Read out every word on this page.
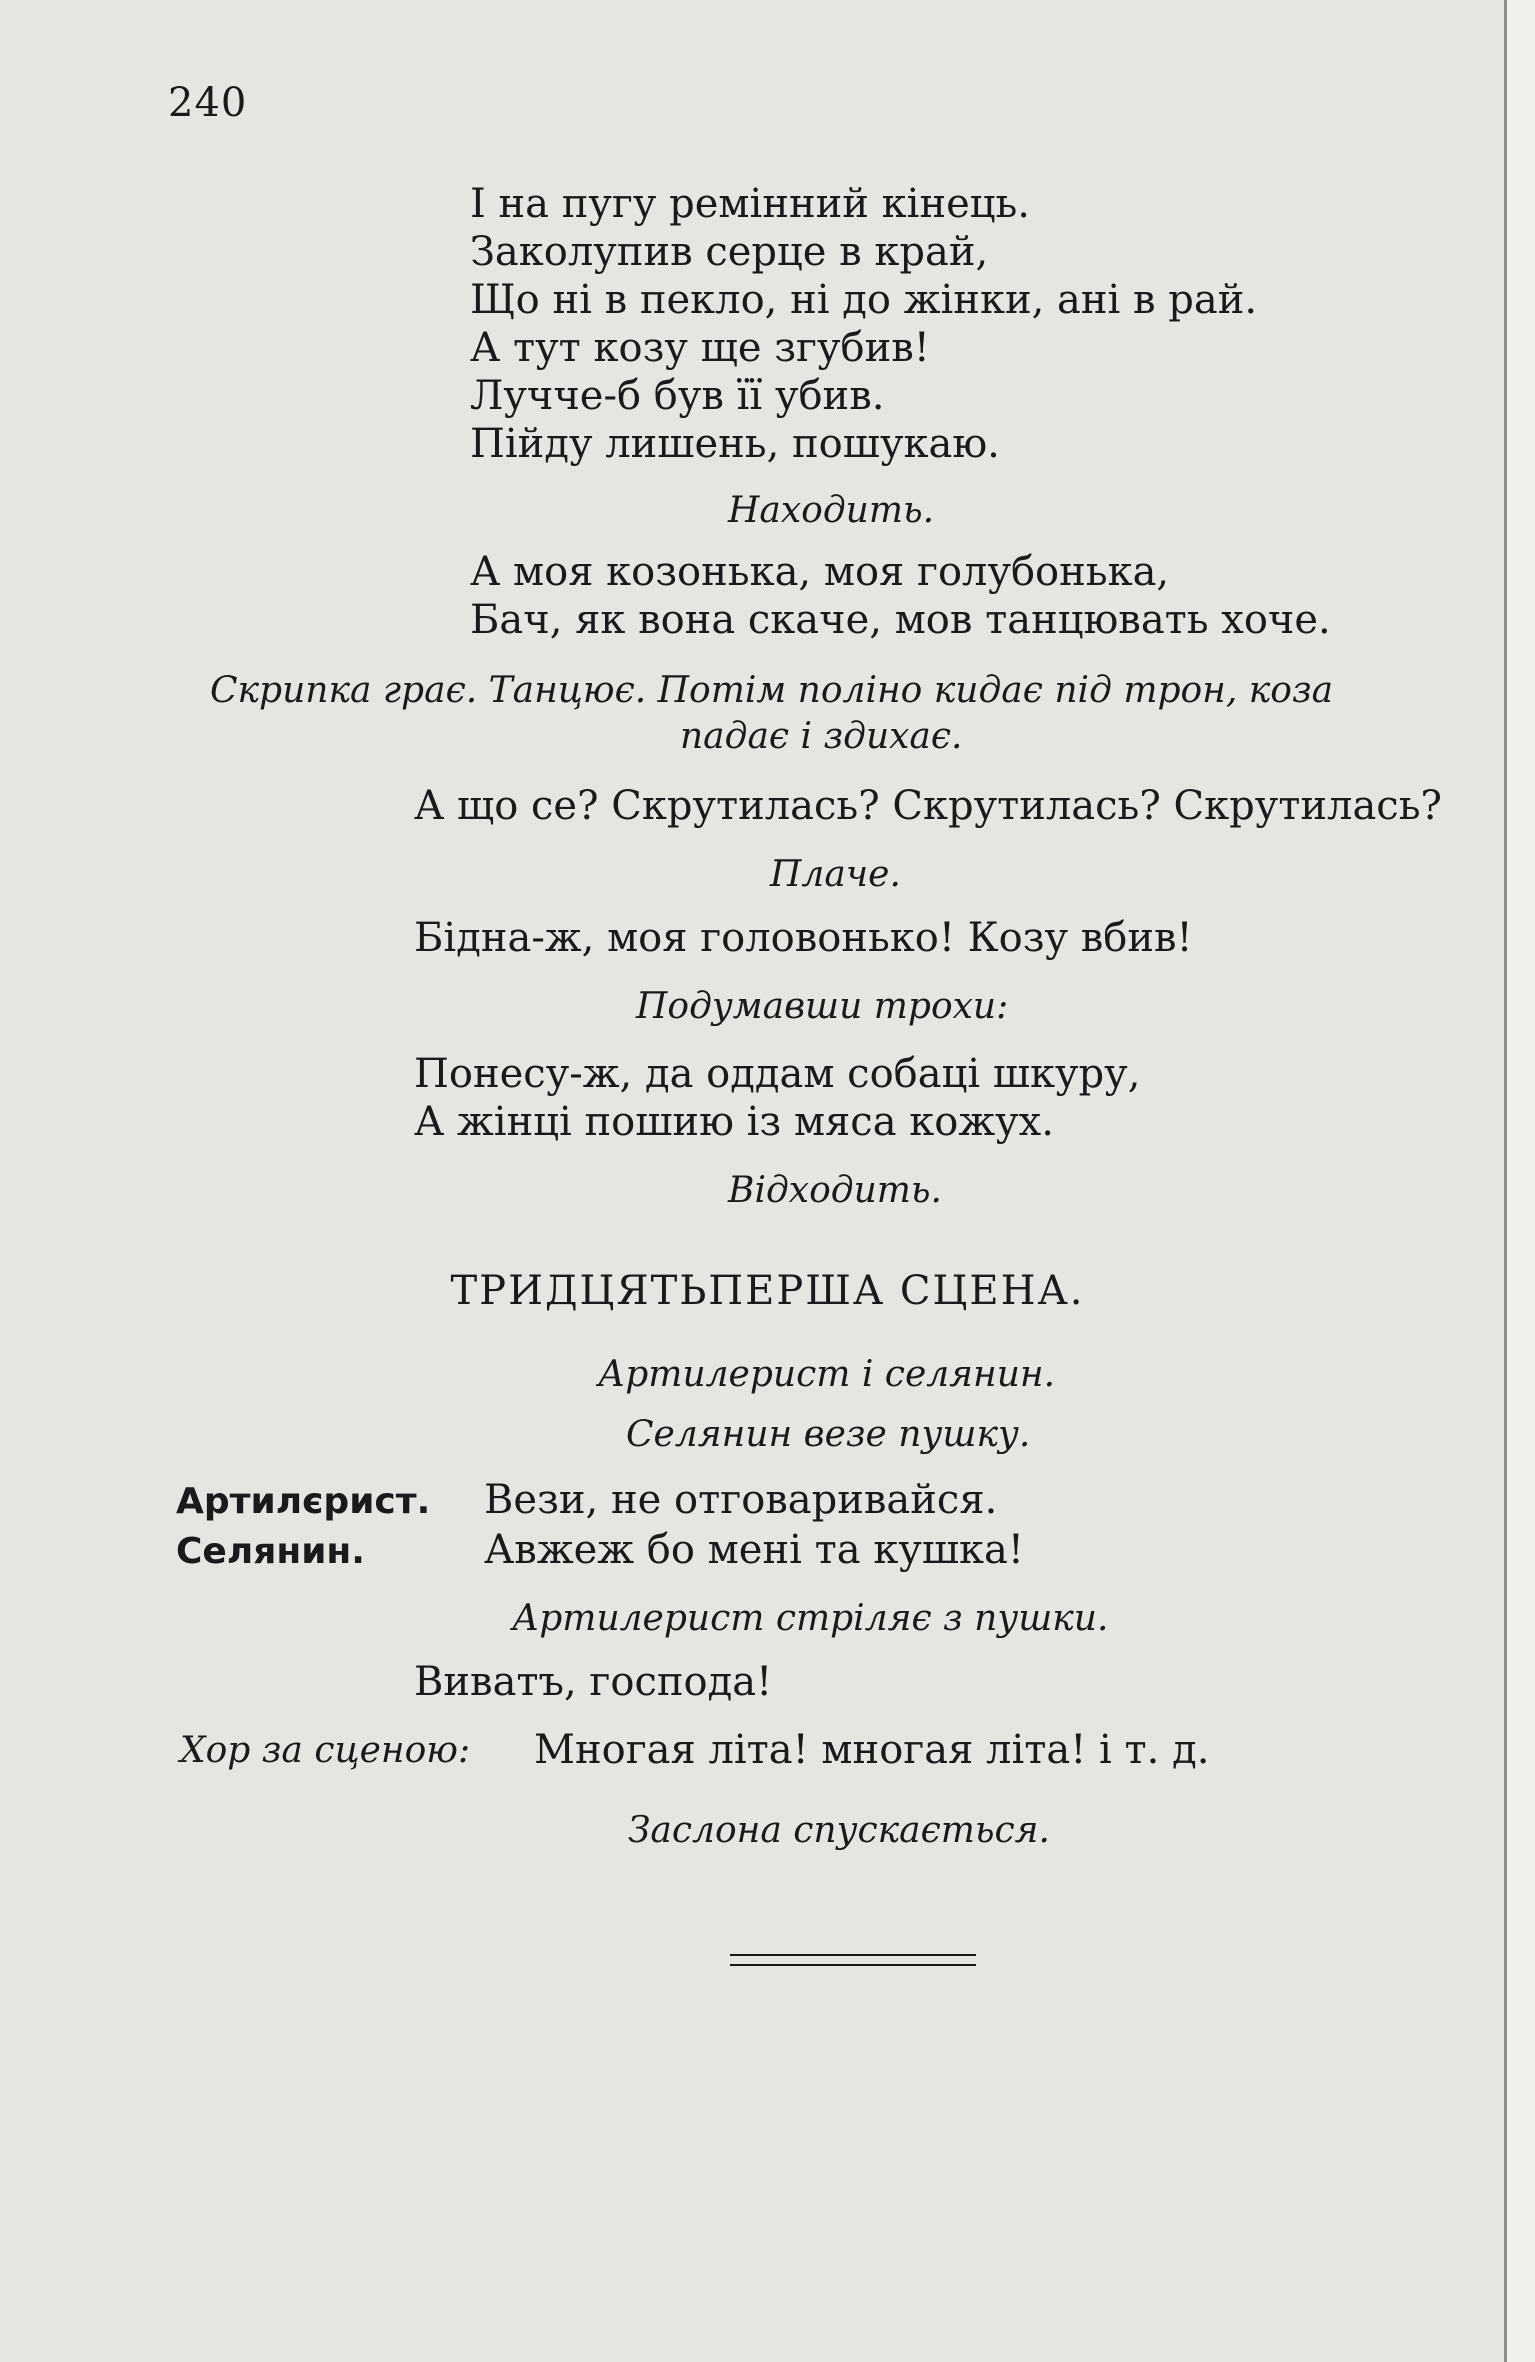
240
І на пугу ремінний кінець.
Заколупив серце в край,
Що ні в пекло, ні до жінки, ані в рай.
А тут козу ще згубив!
Лучче-б був її убив.
Пійду лишень, пошукаю.
Находить.
А моя козонька, моя голубонька,
Бач, як вона скаче, мов танцювать хоче.
Скрипка грає. Танцює. Потім поліно кидає під трон, коза
падає і здихає.
А що се? Скрутилась? Скрутилась? Скрутилась?
Плаче.
Бідна-ж, моя головонько! Козу вбив!
Подумавши трохи:
Понесу-ж, да оддам собаці шкуру,
А жінці пошию із мяса кожух.
Відходить.
ТРИДЦЯТЬПЕРША СЦЕНА.
Артилерист і селянин.
Селянин везе пушку.
Артилєрист. Вези, не отговаривайся.
Селянин.	Авжеж бо мені та кушка!
Артилерист стріляє з пушки.
Виватъ, господа!
Хор за сценою: Многая літа! многая літа! і т. д.
Заслона спускається.
